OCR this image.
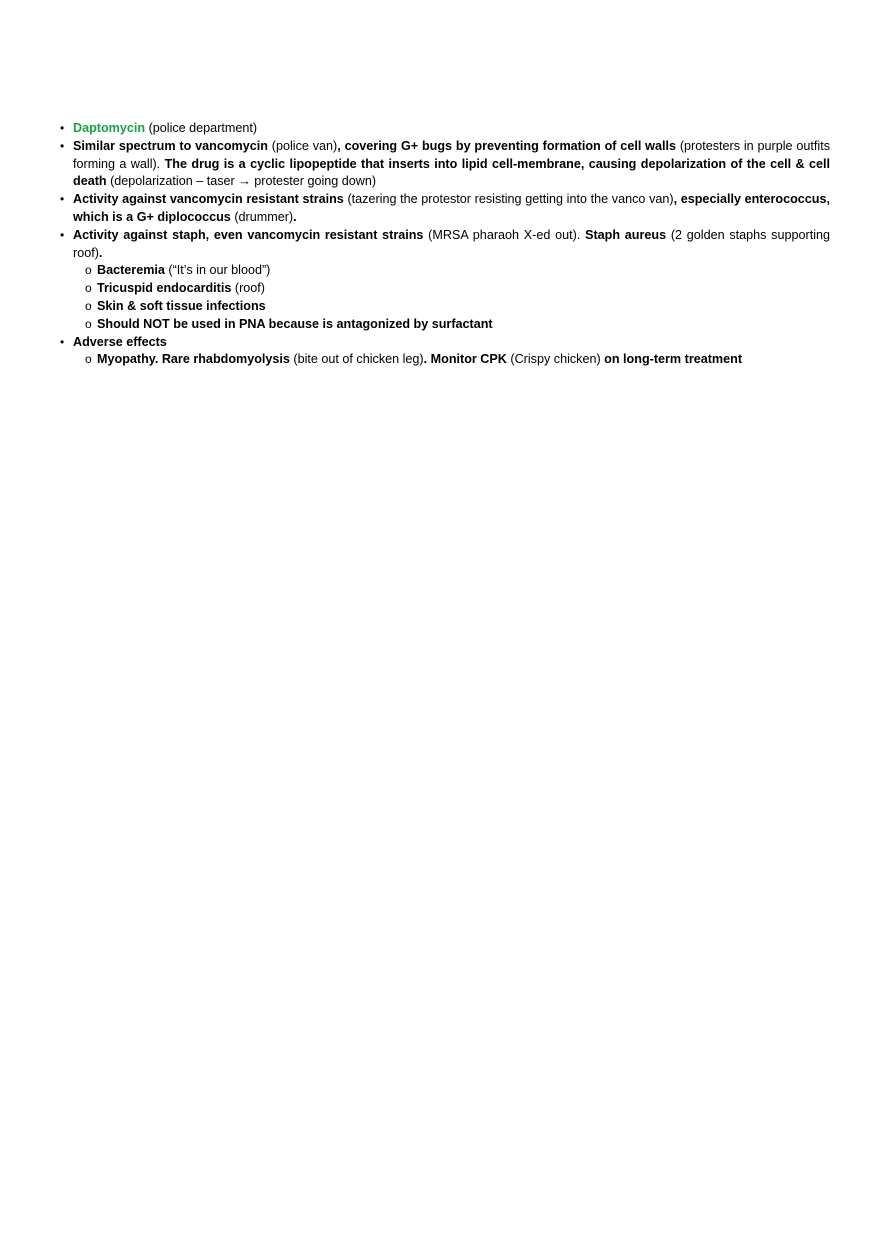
• Daptomycin (police department)
• Similar spectrum to vancomycin (police van), covering G+ bugs by preventing formation of cell walls (protesters in purple outfits forming a wall). The drug is a cyclic lipopeptide that inserts into lipid cell-membrane, causing depolarization of the cell & cell death (depolarization – taser → protester going down)
• Activity against vancomycin resistant strains (tazering the protestor resisting getting into the vanco van), especially enterococcus, which is a G+ diplococcus (drummer).
• Activity against staph, even vancomycin resistant strains (MRSA pharaoh X-ed out). Staph aureus (2 golden staphs supporting roof).
o Bacteremia (“It’s in our blood”)
o Tricuspid endocarditis (roof)
o Skin & soft tissue infections
o Should NOT be used in PNA because is antagonized by surfactant
• Adverse effects
o Myopathy. Rare rhabdomyolysis (bite out of chicken leg). Monitor CPK (Crispy chicken) on long-term treatment
